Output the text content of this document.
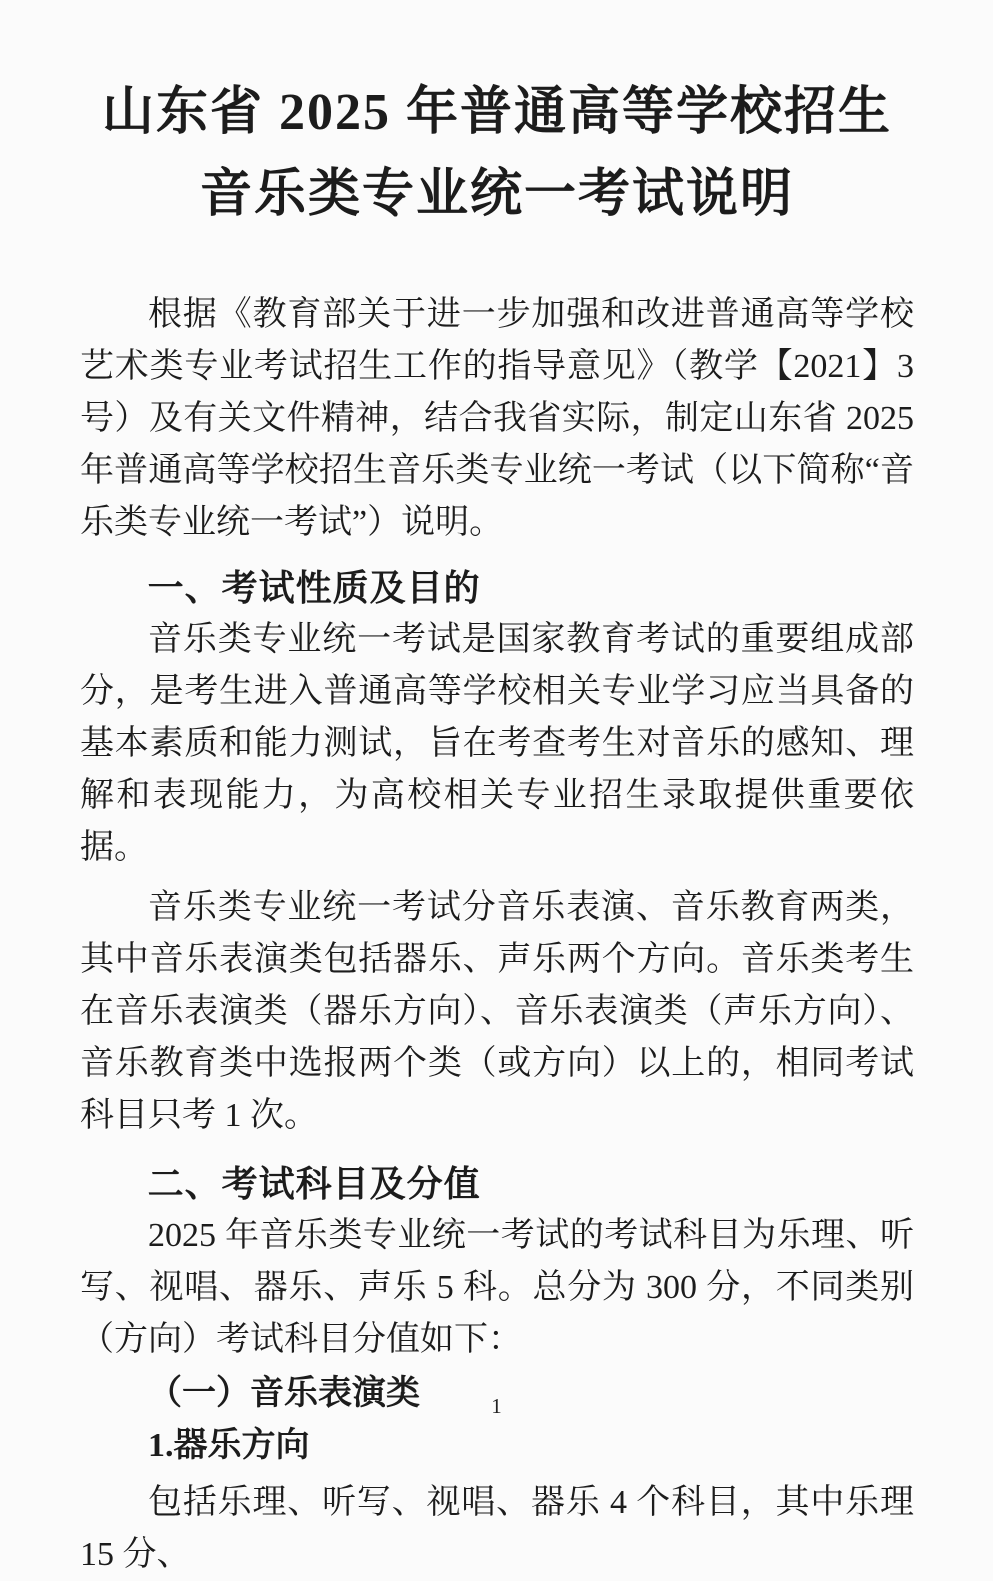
山东省 2025 年普通高等学校招生
音乐类专业统一考试说明

根据《教育部关于进一步加强和改进普通高等学校艺术类专业考试招生工作的指导意见》（教学【2021】3 号）及有关文件精神，结合我省实际，制定山东省 2025 年普通高等学校招生音乐类专业统一考试（以下简称“音乐类专业统一考试”）说明。

一、考试性质及目的

音乐类专业统一考试是国家教育考试的重要组成部分，是考生进入普通高等学校相关专业学习应当具备的基本素质和能力测试，旨在考查考生对音乐的感知、理解和表现能力，为高校相关专业招生录取提供重要依据。

音乐类专业统一考试分音乐表演、音乐教育两类，其中音乐表演类包括器乐、声乐两个方向。音乐类考生在音乐表演类（器乐方向）、音乐表演类（声乐方向）、音乐教育类中选报两个类（或方向）以上的，相同考试科目只考 1 次。

二、考试科目及分值

2025 年音乐类专业统一考试的考试科目为乐理、听写、视唱、器乐、声乐 5 科。总分为 300 分，不同类别（方向）考试科目分值如下：

（一）音乐表演类
1.器乐方向

包括乐理、听写、视唱、器乐 4 个科目，其中乐理 15 分、

1
